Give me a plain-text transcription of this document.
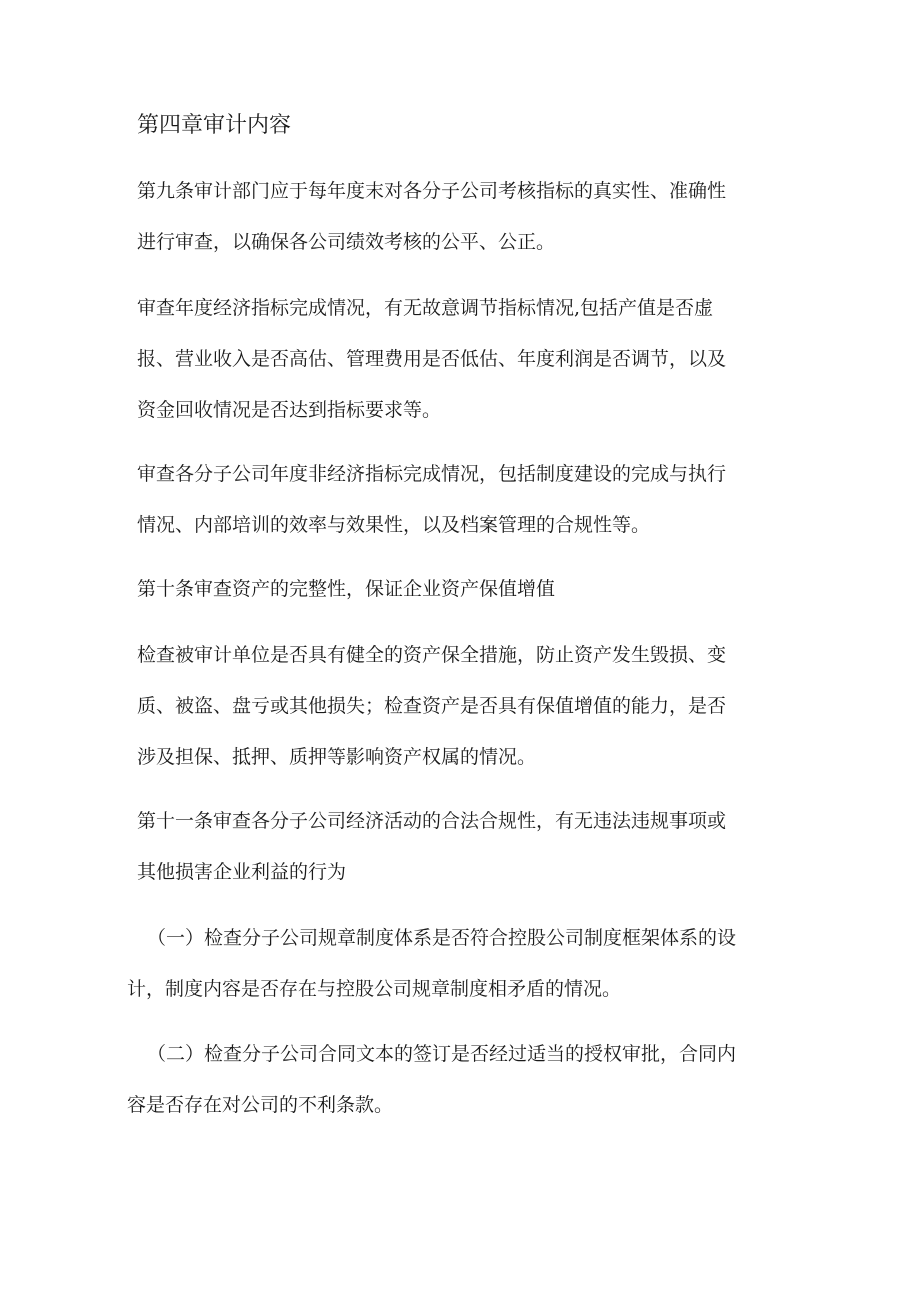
第四章审计内容

第九条审计部门应于每年度末对各分子公司考核指标的真实性、准确性
进行审查，以确保各公司绩效考核的公平、公正。

审查年度经济指标完成情况，有无故意调节指标情况,包括产值是否虚
报、营业收入是否高估、管理费用是否低估、年度利润是否调节，以及
资金回收情况是否达到指标要求等。

审查各分子公司年度非经济指标完成情况，包括制度建设的完成与执行
情况、内部培训的效率与效果性，以及档案管理的合规性等。

第十条审查资产的完整性，保证企业资产保值增值

检查被审计单位是否具有健全的资产保全措施，防止资产发生毁损、变
质、被盗、盘亏或其他损失；检查资产是否具有保值增值的能力，是否
涉及担保、抵押、质押等影响资产权属的情况。

第十一条审查各分子公司经济活动的合法合规性，有无违法违规事项或
其他损害企业利益的行为

（一）检查分子公司规章制度体系是否符合控股公司制度框架体系的设
计，制度内容是否存在与控股公司规章制度相矛盾的情况。

（二）检查分子公司合同文本的签订是否经过适当的授权审批，合同内
容是否存在对公司的不利条款。
